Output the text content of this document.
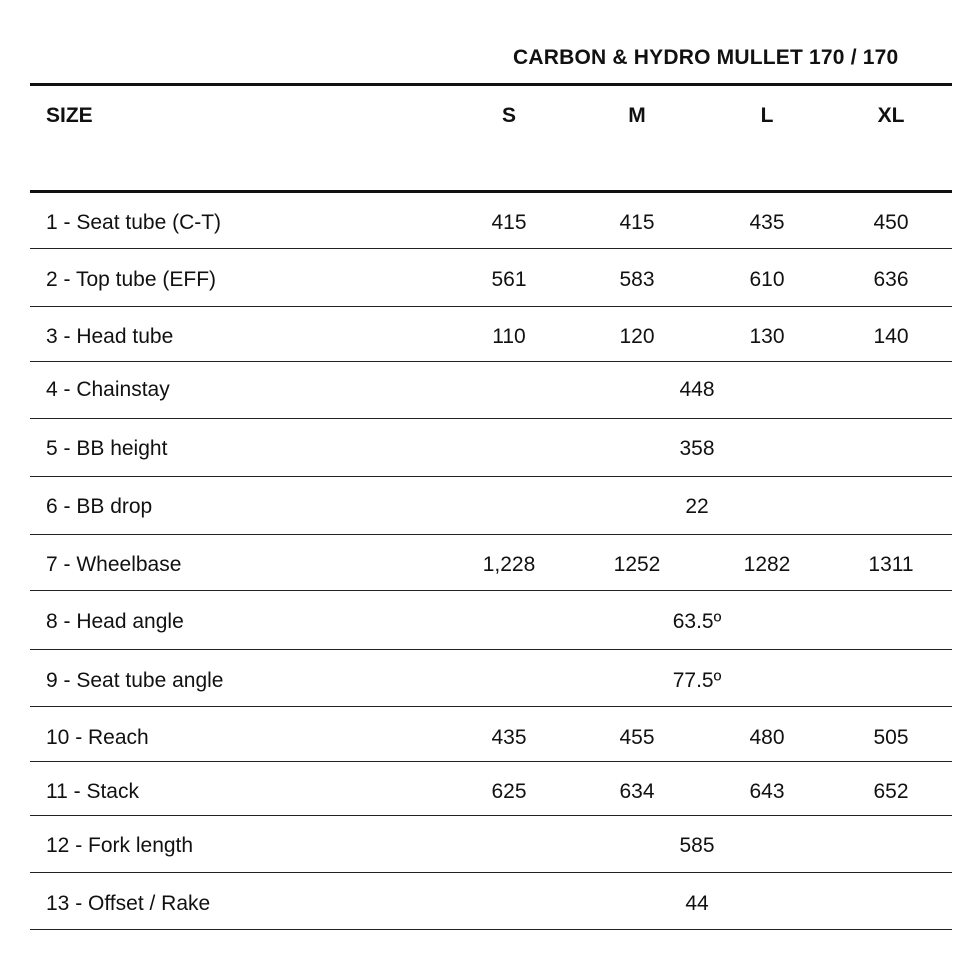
CARBON & HYDRO MULLET 170 / 170
SIZE	S	M	L	XL
1 - Seat tube (C-T)	415	415	435	450
2 - Top tube (EFF)	561	583	610	636
3 - Head tube	110	120	130	140
4 - Chainstay	448
5 - BB height	358
6 - BB drop	22
7 - Wheelbase	1,228	1252	1282	1311
8 - Head angle	63.5º
9 - Seat tube angle	77.5º
10 - Reach	435	455	480	505
11 - Stack	625	634	643	652
12 - Fork length	585
13 - Offset / Rake	44
